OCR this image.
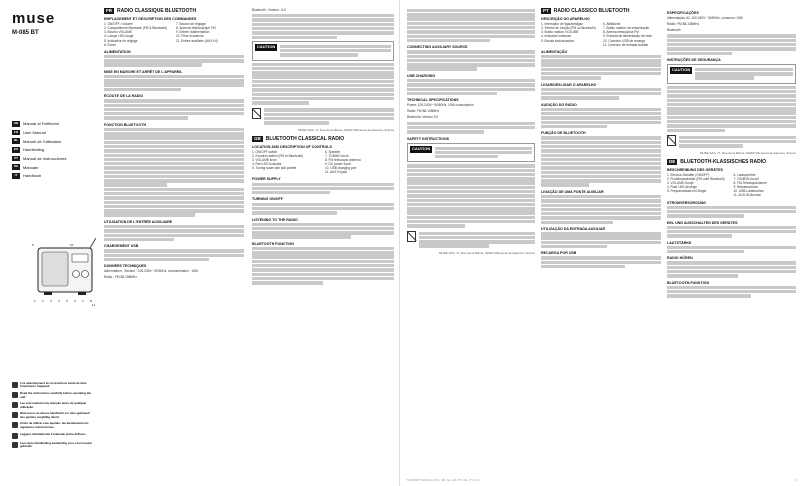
muse
M-085 BT
GB	Manual of Fulfilment
FR	User Manual
NL	Manuel de l'utilisateur
ES	Handleiding
PT	Manual de Instrucciones
DE	Manuale
IT	Handbuch
1 2 3 4 5 6 7 8
9	10
11
Lire attentivement les instructions avant de faire fonctionner l'appareil.
Read the instructions carefully before operating the unit.
Lee este manual com atenção antes de qualquer utilização.
Bitte lesen sie dieses handbuch vor dem gebrauch des gerätes sorgfältig durch.
Antes de utilizar este aparato, lea atentamente las siguientes instrucciones.
Leggere attentamente il manuale prima dell'uso.
Lees deze handleiding aandachtig voor u het toestel gebruikt.
FR	RADIO CLASSIQUE BLUETOOTH
EMPLACEMENT ET DESCRIPTION DES COMMANDES
1. ON/OFF / Volume	7. Bouton de réglage
2. Compartiment Bluetooth (FM & Bluetooth)	8. Antenne télescopique FM
3. Bouton VOLUME	9. Entrée d'alimentation
4. Lampe LED rouge	10. Prise écouteurs
5. Indicateur de réglage	11. Entrée auxiliaire (AUX IN)
6. Écran
ALIMENTATION
MISE EN MARCHE ET ARRÊT DE L'APPAREIL
ÉCOUTE DE LA RADIO
FONCTION BLUETOOTH
UTILISATION DE L'ENTRÉE AUXILIAIRE
CHARGEMENT USB
DONNÉES TECHNIQUES
Alimentation : Secteur : 100-240V~ 50/60Hz, consommation : 15W
Radio : FM 88-108MHz
Bluetooth : Version : 5.0
CAUTION
MUSE SAS, 71, Rue de la Marne, 92390 Villeneuve-la-Garenne, France
GB	BLUETOOTH CLASSICAL RADIO
LOCATION AND DESCRIPTION OF CONTROLS
1. ON/OFF switch	6. Speaker
2. Function switch (FM or Bluetooth)	7. TUNING knob
3. VOLUME knob	8. FM telescopic antenna
4. Red LED Indicator	9. DC power input
5. Tuning scale with dial pointer	10. USB charging port
11. AUX IN jack
POWER SUPPLY
TURNING ON/OFF
LISTENING TO THE RADIO
BLUETOOTH FUNCTION
CONNECTING AUXILIARY SOURCE
USB CHARGING
TECHNICAL SPECIFICATIONS
Power: 100-240V~ 50/60Hz, 15W consumption
Radio: FM 88-108MHz
Bluetooth: Version 5.0
SAFETY INSTRUCTIONS
CAUTION
MUSE SAS, 71, Rue de la Marne, 92390 Villeneuve-la-Garenne, France
PT	RÁDIO CLÁSSICO BLUETOOTH
DESCRIÇÃO DO APARELHO
1. Interruptor de ligar/desligar	6. Altifalante
2. Seletor de função (FM ou Bluetooth)	7. Botão rotativo de sintonização
3. Botão rotativo VOLUME	8. Antena telescópica FM
4. Indicador luminoso	9. Entrada de alimentação de rede
5. Escala sintonizadora	10. Conector USB de recarga
11. Conector de entrada auxiliar
ALIMENTAÇÃO
LIGAR/DESLIGAR O APARELHO
AUDIÇÃO DO RÁDIO
FUNÇÃO DE BLUETOOTH
LIGAÇÃO DE UMA FONTE AUXILIAR
UTILIZAÇÃO DA ENTRADA AUXILIAR
RECARGA POR USB
ESPECIFICAÇÕES
Alimentação: AC 100-240V~ 50/60Hz, consumo: 15W
Rádio: FM 88-108MHz
Bluetooth
INSTRUÇÕES DE SEGURANÇA
CAUTION
MUSE SAS, 71, Rue de la Marne, 92390 Villeneuve-la-Garenne, France
DE	BLUETOOTH-KLASSISCHES RADIO
BESCHREIBUNG DES GERÄTES
1. Ein/Aus-Schalter (ON/OFF)	6. Lautsprecher
2. Funktionsschalter (FM oder Bluetooth)	7. TUNING-Knopf
3. VOLUME-Knopf	8. FM-Teleskopantenne
4. Rote LED-Anzeige	9. Netzanschluss
5. Frequenzskala mit Zeiger	10. USB-Ladebuchse
11. AUX-IN-Buchse
STROMVERSORGUNG
EIN- UND AUSSCHALTEN DES GERÄTES
LAUTSTÄRKE
RADIO HÖREN
BLUETOOTH-FUNKTION
M-085 BT MANUAL (FR, GB, NL, ES, PT, DE, IT) V1.0	3
